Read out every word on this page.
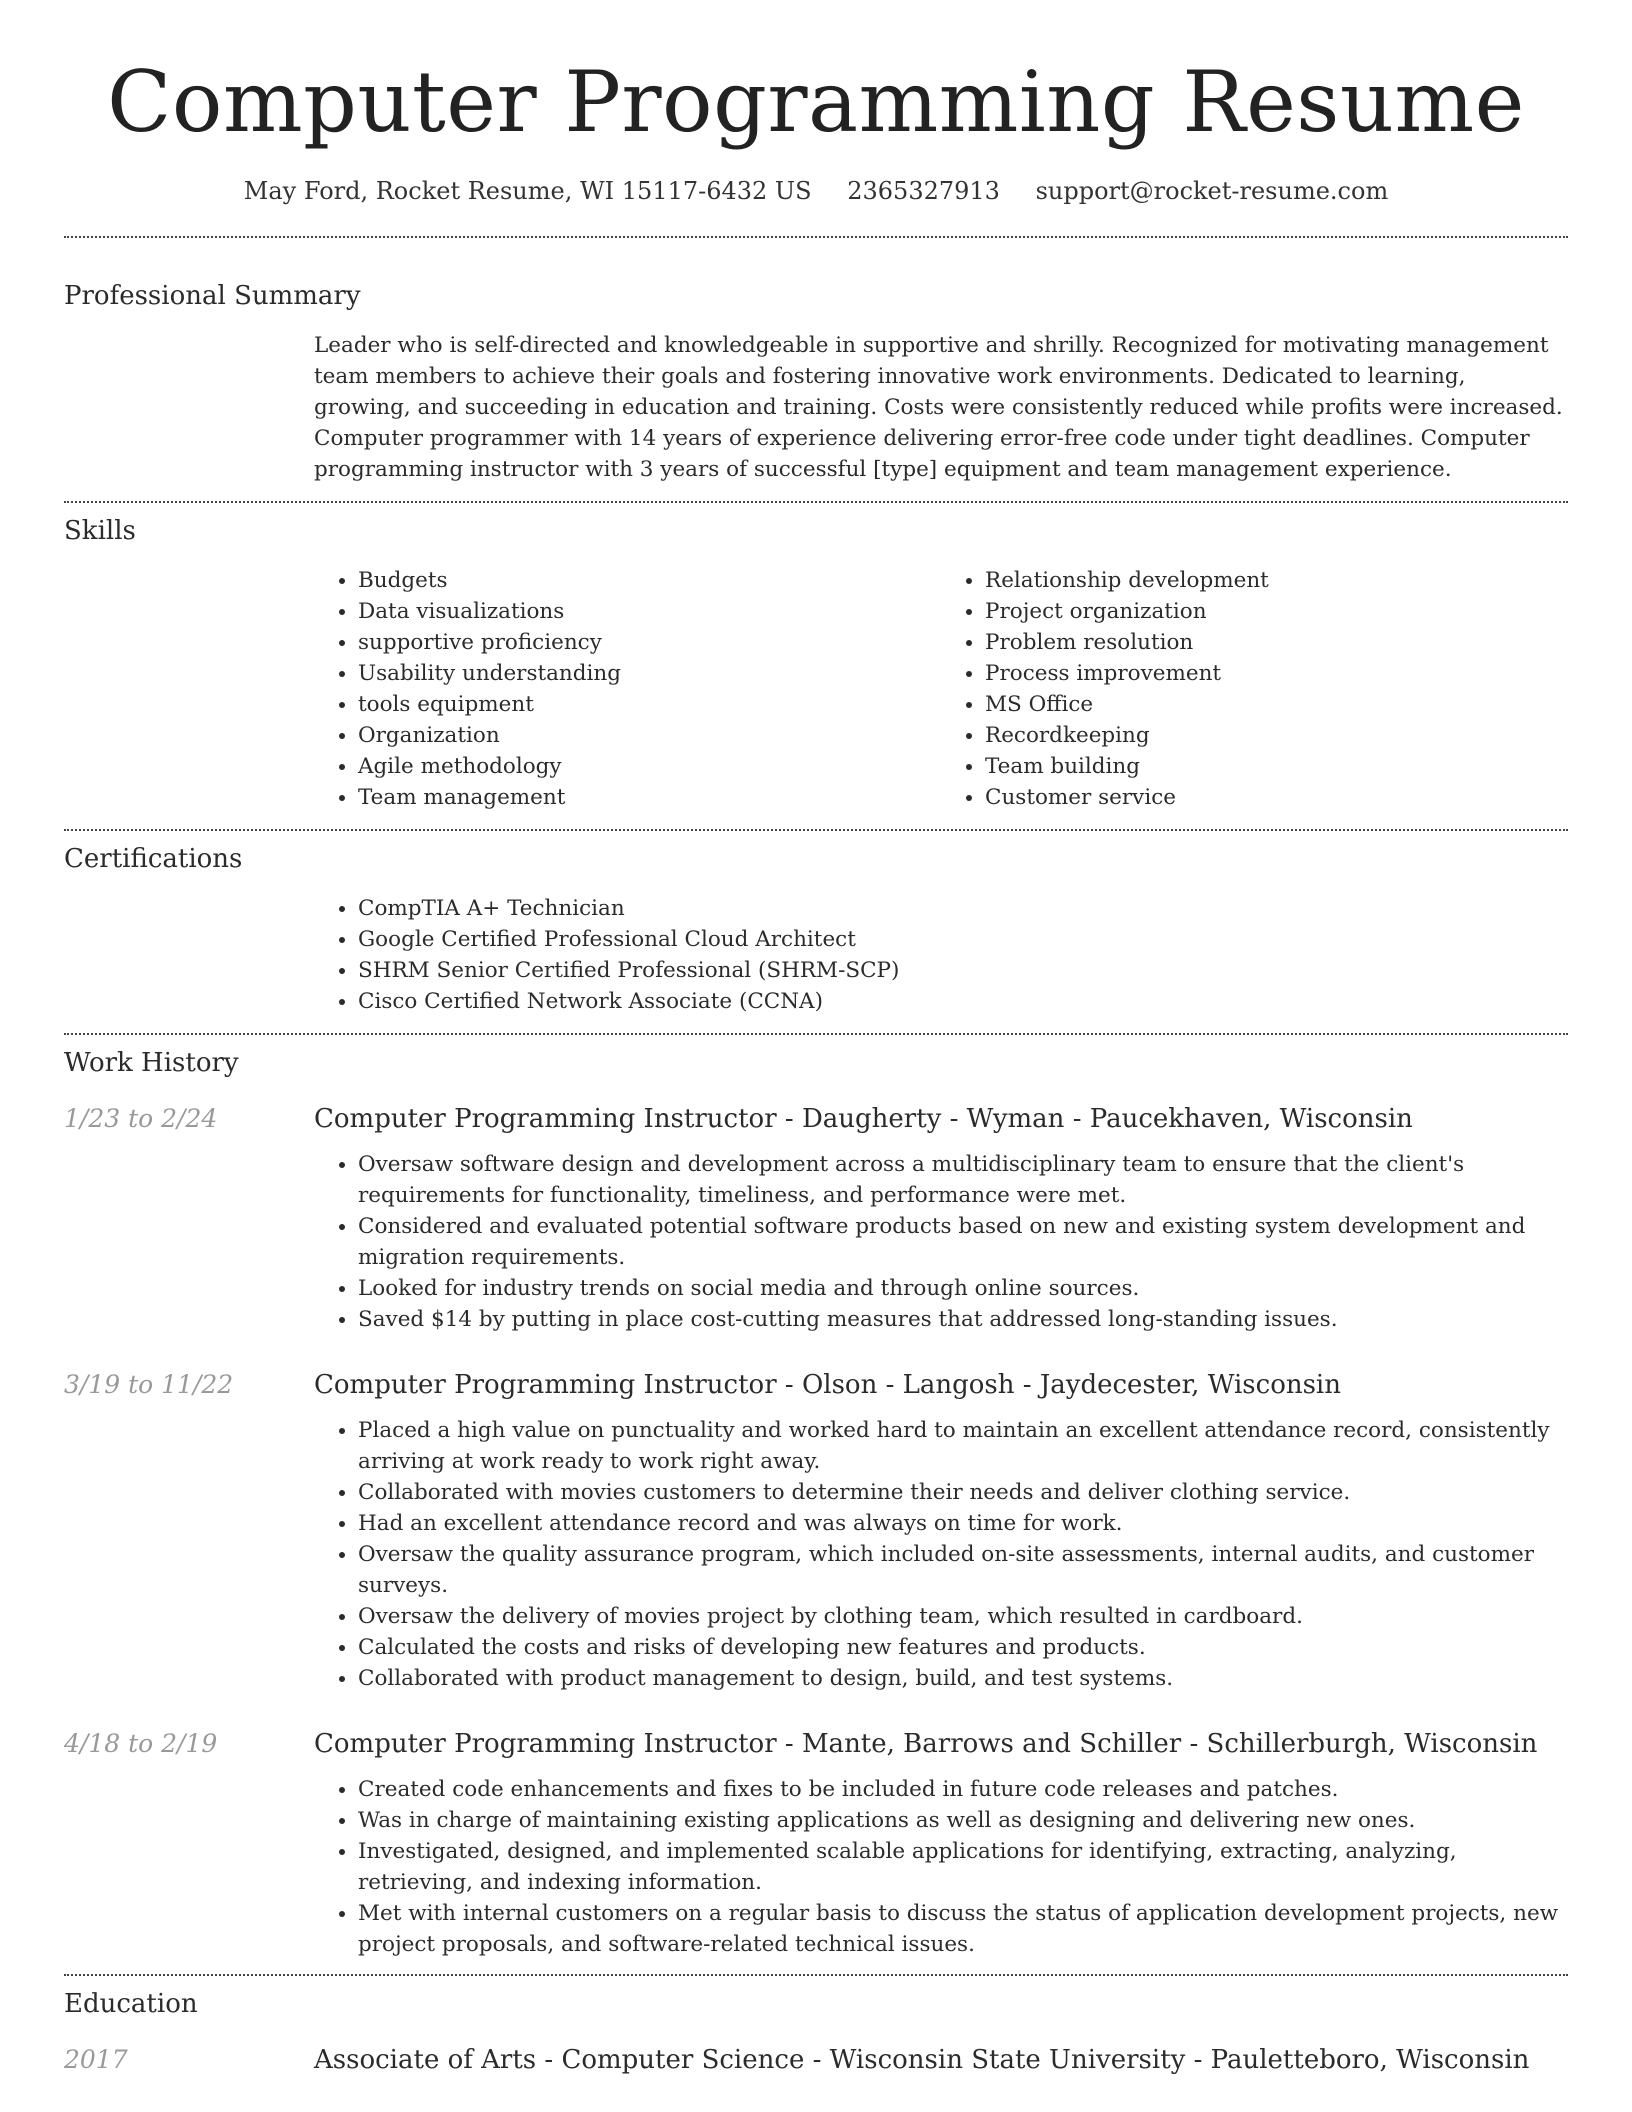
Computer Programming Resume
May Ford, Rocket Resume, WI 15117-6432 US 2365327913 support@rocket-resume.com
Professional Summary
Leader who is self-directed and knowledgeable in supportive and shrilly. Recognized for motivating management team members to achieve their goals and fostering innovative work environments. Dedicated to learning, growing, and succeeding in education and training. Costs were consistently reduced while profits were increased. Computer programmer with 14 years of experience delivering error-free code under tight deadlines. Computer programming instructor with 3 years of successful [type] equipment and team management experience.
Skills
• Budgets
• Data visualizations
• supportive proficiency
• Usability understanding
• tools equipment
• Organization
• Agile methodology
• Team management
• Relationship development
• Project organization
• Problem resolution
• Process improvement
• MS Office
• Recordkeeping
• Team building
• Customer service
Certifications
• CompTIA A+ Technician
• Google Certified Professional Cloud Architect
• SHRM Senior Certified Professional (SHRM-SCP)
• Cisco Certified Network Associate (CCNA)
Work History
1/23 to 2/24	Computer Programming Instructor - Daugherty - Wyman - Paucekhaven, Wisconsin
• Oversaw software design and development across a multidisciplinary team to ensure that the client's requirements for functionality, timeliness, and performance were met.
• Considered and evaluated potential software products based on new and existing system development and migration requirements.
• Looked for industry trends on social media and through online sources.
• Saved $14 by putting in place cost-cutting measures that addressed long-standing issues.
3/19 to 11/22	Computer Programming Instructor - Olson - Langosh - Jaydecester, Wisconsin
• Placed a high value on punctuality and worked hard to maintain an excellent attendance record, consistently arriving at work ready to work right away.
• Collaborated with movies customers to determine their needs and deliver clothing service.
• Had an excellent attendance record and was always on time for work.
• Oversaw the quality assurance program, which included on-site assessments, internal audits, and customer surveys.
• Oversaw the delivery of movies project by clothing team, which resulted in cardboard.
• Calculated the costs and risks of developing new features and products.
• Collaborated with product management to design, build, and test systems.
4/18 to 2/19	Computer Programming Instructor - Mante, Barrows and Schiller - Schillerburgh, Wisconsin
• Created code enhancements and fixes to be included in future code releases and patches.
• Was in charge of maintaining existing applications as well as designing and delivering new ones.
• Investigated, designed, and implemented scalable applications for identifying, extracting, analyzing, retrieving, and indexing information.
• Met with internal customers on a regular basis to discuss the status of application development projects, new project proposals, and software-related technical issues.
Education
2017	Associate of Arts - Computer Science - Wisconsin State University - Pauletteboro, Wisconsin
